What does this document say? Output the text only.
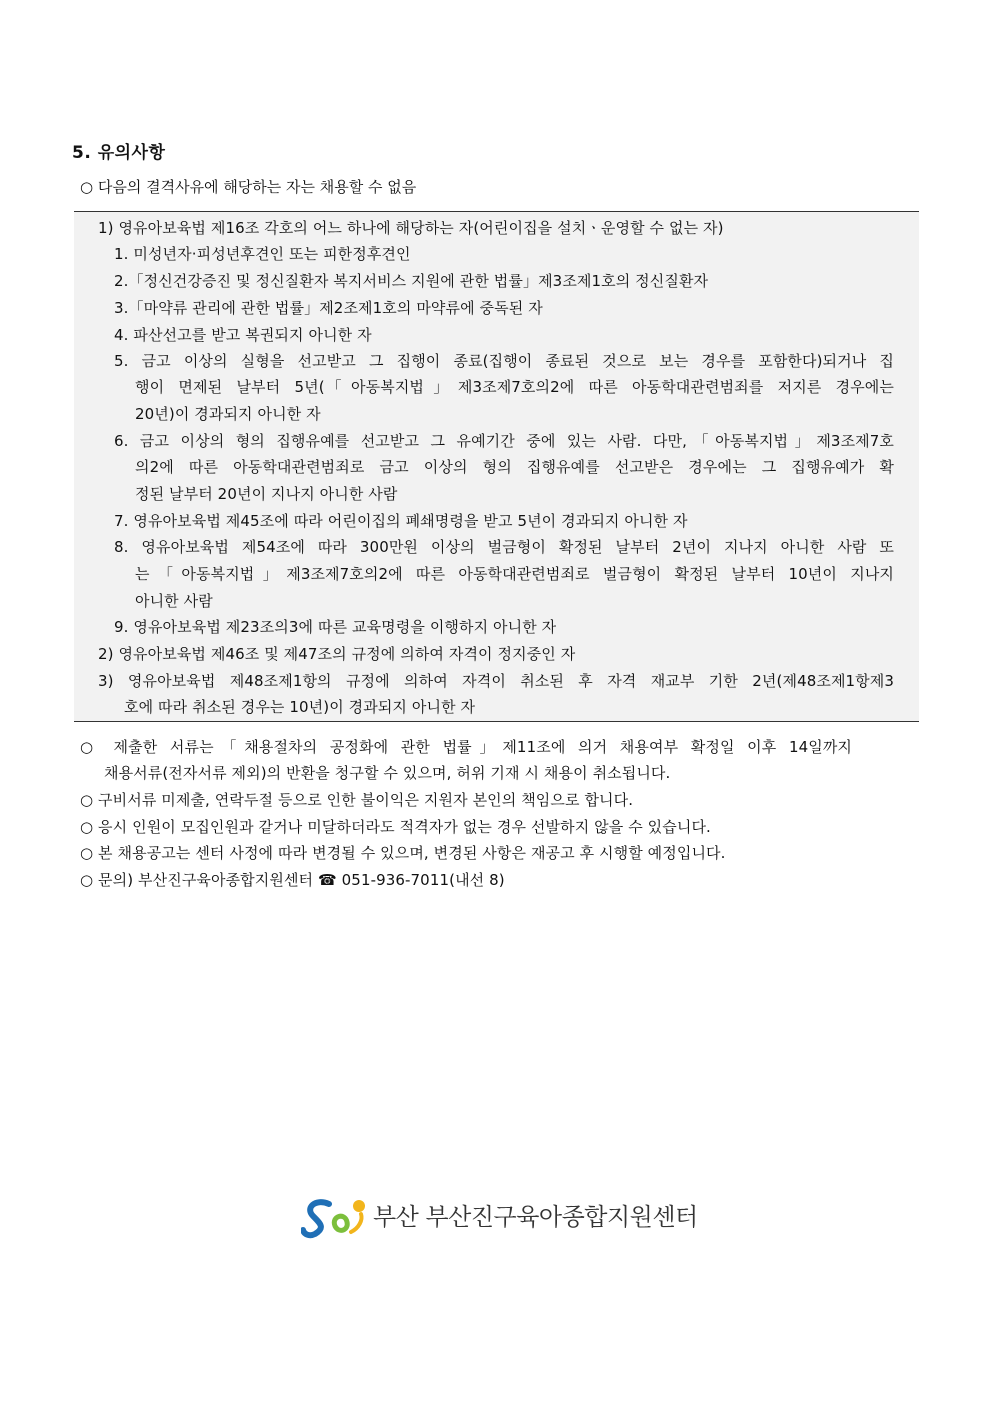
5. 유의사항
○ 다음의 결격사유에 해당하는 자는 채용할 수 없음
1) 영유아보육법 제16조 각호의 어느 하나에 해당하는 자(어린이집을 설치ㆍ운영할 수 없는 자)
1. 미성년자·피성년후견인 또는 피한정후견인
2.「정신건강증진 및 정신질환자 복지서비스 지원에 관한 법률」제3조제1호의 정신질환자
3.「마약류 관리에 관한 법률」제2조제1호의 마약류에 중독된 자
4. 파산선고를 받고 복권되지 아니한 자
5. 금고 이상의 실형을 선고받고 그 집행이 종료(집행이 종료된 것으로 보는 경우를 포함한다)되거나 집
행이 면제된 날부터 5년(「아동복지법」제3조제7호의2에 따른 아동학대관련범죄를 저지른 경우에는
20년)이 경과되지 아니한 자
6. 금고 이상의 형의 집행유예를 선고받고 그 유예기간 중에 있는 사람. 다만,「아동복지법」제3조제7호
의2에 따른 아동학대관련범죄로 금고 이상의 형의 집행유예를 선고받은 경우에는 그 집행유예가 확
정된 날부터 20년이 지나지 아니한 사람
7. 영유아보육법 제45조에 따라 어린이집의 폐쇄명령을 받고 5년이 경과되지 아니한 자
8. 영유아보육법 제54조에 따라 300만원 이상의 벌금형이 확정된 날부터 2년이 지나지 아니한 사람 또
는「아동복지법」제3조제7호의2에 따른 아동학대관련범죄로 벌금형이 확정된 날부터 10년이 지나지
아니한 사람
9. 영유아보육법 제23조의3에 따른 교육명령을 이행하지 아니한 자
2) 영유아보육법 제46조 및 제47조의 규정에 의하여 자격이 정지중인 자
3) 영유아보육법 제48조제1항의 규정에 의하여 자격이 취소된 후 자격 재교부 기한 2년(제48조제1항제3
호에 따라 취소된 경우는 10년)이 경과되지 아니한 자
○ 제출한 서류는「채용절차의 공정화에 관한 법률」제11조에 의거 채용여부 확정일 이후 14일까지
채용서류(전자서류 제외)의 반환을 청구할 수 있으며, 허위 기재 시 채용이 취소됩니다.
○ 구비서류 미제출, 연락두절 등으로 인한 불이익은 지원자 본인의 책임으로 합니다.
○ 응시 인원이 모집인원과 같거나 미달하더라도 적격자가 없는 경우 선발하지 않을 수 있습니다.
○ 본 채용공고는 센터 사정에 따라 변경될 수 있으며, 변경된 사항은 재공고 후 시행할 예정입니다.
○ 문의) 부산진구육아종합지원센터 ☎ 051-936-7011(내선 8)
부산 부산진구육아종합지원센터
